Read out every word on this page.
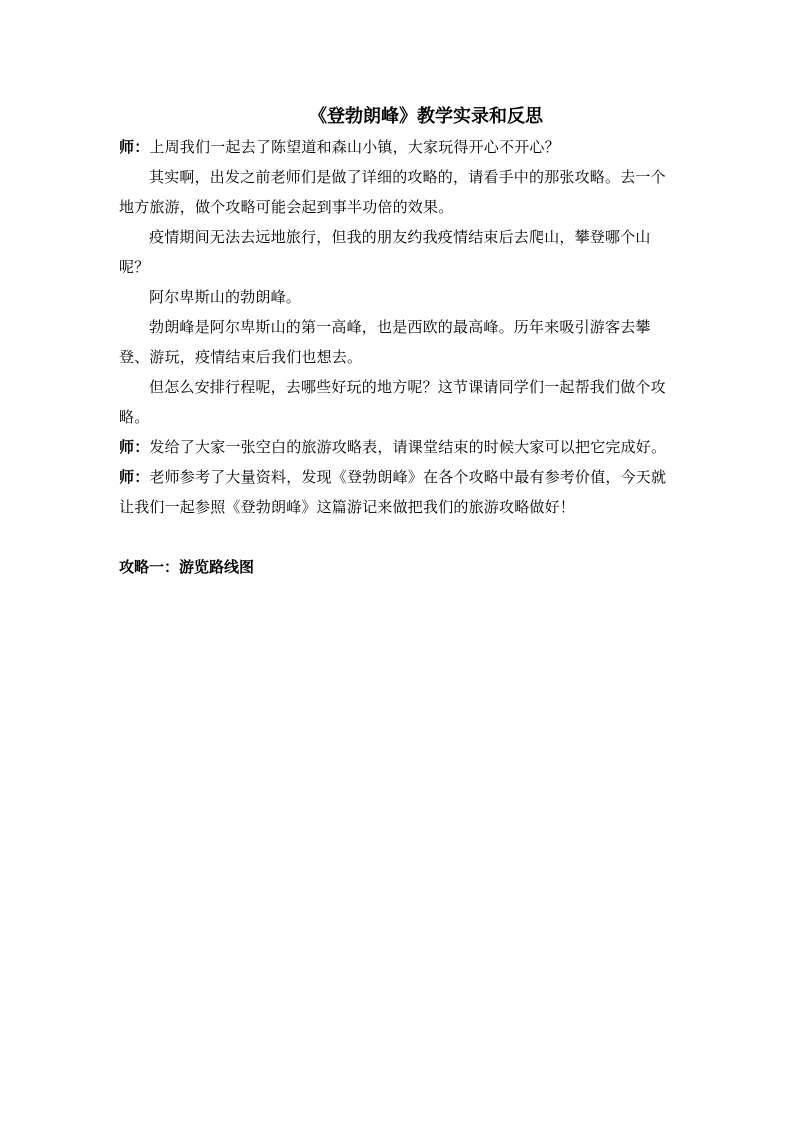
《登勃朗峰》教学实录和反思

师：上周我们一起去了陈望道和森山小镇，大家玩得开心不开心？

其实啊，出发之前老师们是做了详细的攻略的，请看手中的那张攻略。去一个地方旅游，做个攻略可能会起到事半功倍的效果。

疫情期间无法去远地旅行，但我的朋友约我疫情结束后去爬山，攀登哪个山呢？

阿尔卑斯山的勃朗峰。

勃朗峰是阿尔卑斯山的第一高峰，也是西欧的最高峰。历年来吸引游客去攀登、游玩，疫情结束后我们也想去。

但怎么安排行程呢，去哪些好玩的地方呢？这节课请同学们一起帮我们做个攻略。

师：发给了大家一张空白的旅游攻略表，请课堂结束的时候大家可以把它完成好。

师：老师参考了大量资料，发现《登勃朗峰》在各个攻略中最有参考价值，今天就让我们一起参照《登勃朗峰》这篇游记来做把我们的旅游攻略做好！

攻略一：游览路线图
